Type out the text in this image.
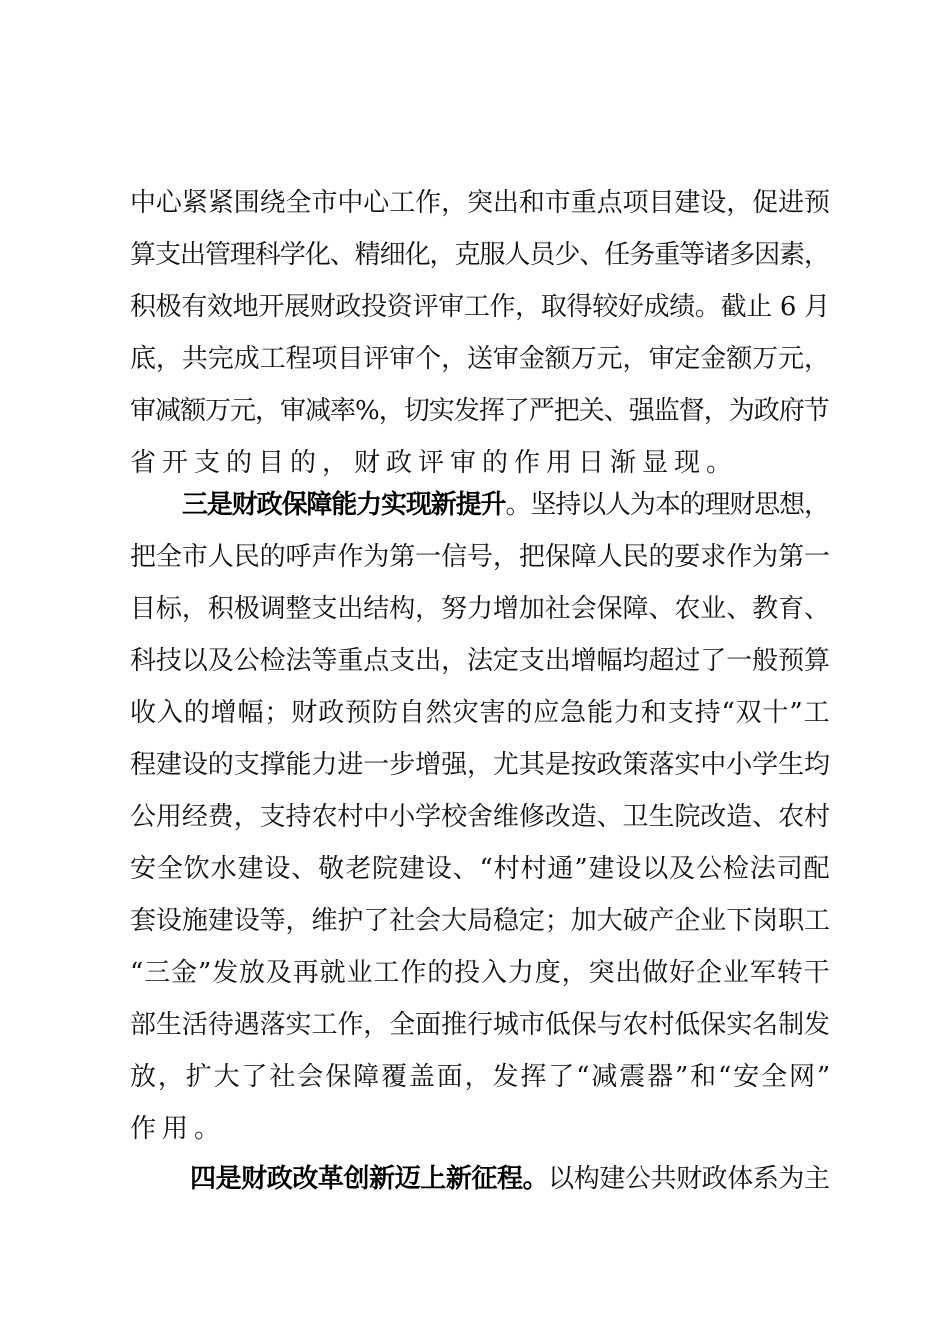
中心紧紧围绕全市中心工作，突出和市重点项目建设，促进预
算支出管理科学化、精细化，克服人员少、任务重等诸多因素，
积极有效地开展财政投资评审工作，取得较好成绩。截止 6 月
底，共完成工程项目评审个，送审金额万元，审定金额万元，
审减额万元，审减率%，切实发挥了严把关、强监督，为政府节
省开支的目的，财政评审的作用日渐显现。
三是财政保障能力实现新提升。坚持以人为本的理财思想，
把全市人民的呼声作为第一信号，把保障人民的要求作为第一
目标，积极调整支出结构，努力增加社会保障、农业、教育、
科技以及公检法等重点支出，法定支出增幅均超过了一般预算
收入的增幅；财政预防自然灾害的应急能力和支持“双十”工
程建设的支撑能力进一步增强，尤其是按政策落实中小学生均
公用经费，支持农村中小学校舍维修改造、卫生院改造、农村
安全饮水建设、敬老院建设、“村村通”建设以及公检法司配
套设施建设等，维护了社会大局稳定；加大破产企业下岗职工
“三金”发放及再就业工作的投入力度，突出做好企业军转干
部生活待遇落实工作，全面推行城市低保与农村低保实名制发
放，扩大了社会保障覆盖面，发挥了“减震器”和“安全网”
作用。
四是财政改革创新迈上新征程。以构建公共财政体系为主
